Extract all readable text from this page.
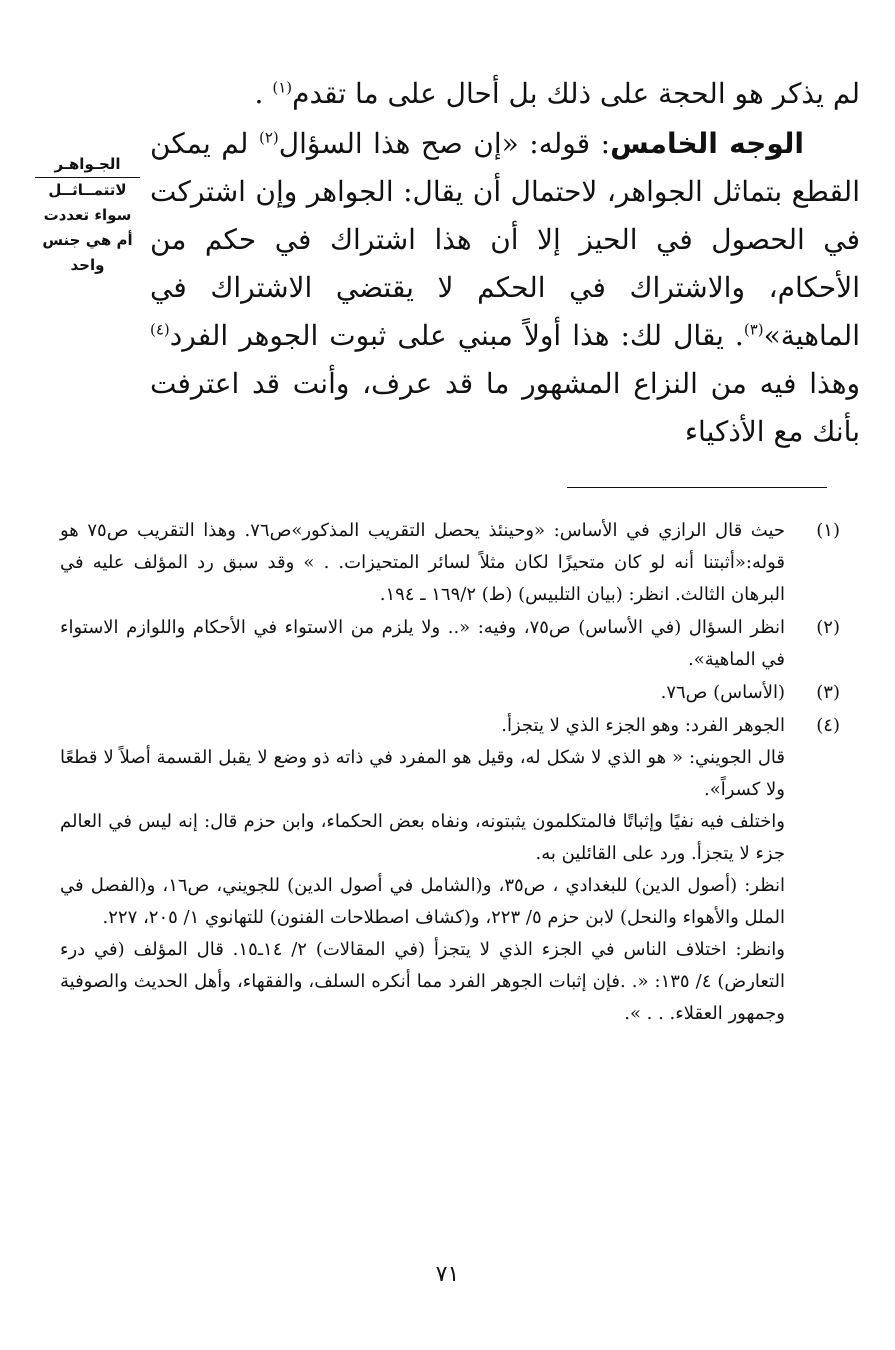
الجـواهـر
لاتتمــاثــل
سواء تعددت
أم هي جنس
واحد

لم يذكر هو الحجة على ذلك بل أحال على ما تقدم$^{(١)}$ .

  الوجه الخامس: قوله: «إن صح هذا السؤال$^{(٢)}$ لم يمكن القطع بتماثل الجواهر، لاحتمال أن يقال: الجواهر وإن اشتركت في الحصول في الحيز إلا أن هذا اشتراك في حكم من الأحكام، والاشتراك في الحكم لا يقتضي الاشتراك في الماهية»$^{(٣)}$. يقال لك: هذا أولاً مبني على ثبوت الجوهر الفرد$^{(٤)}$ وهذا فيه من النزاع المشهور ما قد عرف، وأنت قد اعترفت بأنك مع الأذكياء

(١)

حيث قال الرازي في الأساس: «وحينئذ يحصل التقريب المذكور»ص٧٦. وهذا التقريب ص٧٥ هو قوله:«أثبتنا أنه لو كان متحيزًا لكان مثلاً لسائر المتحيزات. . » وقد سبق رد المؤلف عليه في البرهان الثالث. انظر: (بيان التلبيس) (ط) ١٦٩/٢ ـ ١٩٤.

(٢)

انظر السؤال (في الأساس) ص٧٥، وفيه: «.. ولا يلزم من الاستواء في الأحكام واللوازم الاستواء في الماهية».

(٣)

(الأساس) ص٧٦.

(٤)

الجوهر الفرد: وهو الجزء الذي لا يتجزأ.

قال الجويني: « هو الذي لا شكل له، وقيل هو المفرد في ذاته ذو وضع لا يقبل القسمة أصلاً لا قطعًا ولا كسراً».

واختلف فيه نفيًا وإثباتًا فالمتكلمون يثبتونه، ونفاه بعض الحكماء، وابن حزم قال: إنه ليس في العالم جزء لا يتجزأ. ورد على القائلين به.

انظر: (أصول الدين) للبغدادي ، ص٣٥، و(الشامل في أصول الدين) للجويني، ص١٦، و(الفصل في الملل والأهواء والنحل) لابن حزم ٥/ ٢٢٣، و(كشاف اصطلاحات الفنون) للتهانوي ١/ ٢٠٥، ٢٢٧.

وانظر: اختلاف الناس في الجزء الذي لا يتجزأ (في المقالات) ٢/ ١٤ـ١٥. قال المؤلف (في درء التعارض) ٤/ ١٣٥: «. .فإن إثبات الجوهر الفرد مما أنكره السلف، والفقهاء، وأهل الحديث والصوفية وجمهور العقلاء. . . ».

٧١
